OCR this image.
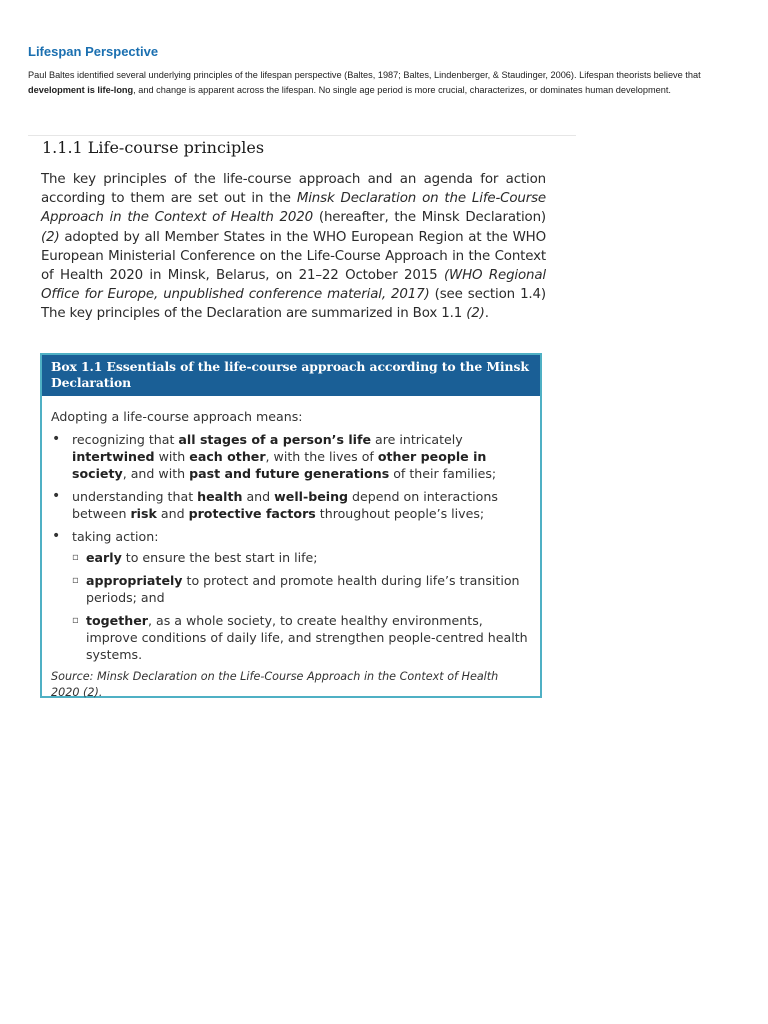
Lifespan Perspective
Paul Baltes identified several underlying principles of the lifespan perspective (Baltes, 1987; Baltes, Lindenberger, & Staudinger, 2006). Lifespan theorists believe that development is life-long, and change is apparent across the lifespan. No single age period is more crucial, characterizes, or dominates human development.
1.1.1 Life-course principles
The key principles of the life-course approach and an agenda for action according to them are set out in the Minsk Declaration on the Life-Course Approach in the Context of Health 2020 (hereafter, the Minsk Declaration) (2) adopted by all Member States in the WHO European Region at the WHO European Ministerial Conference on the Life-Course Approach in the Context of Health 2020 in Minsk, Belarus, on 21–22 October 2015 (WHO Regional Office for Europe, unpublished conference material, 2017) (see section 1.4) The key principles of the Declaration are summarized in Box 1.1 (2).
Box 1.1 Essentials of the life-course approach according to the Minsk Declaration

Adopting a life-course approach means:

• recognizing that all stages of a person’s life are intricately intertwined with each other, with the lives of other people in society, and with past and future generations of their families;
• understanding that health and well-being depend on interactions between risk and protective factors throughout people’s lives;
• taking action:
▫ early to ensure the best start in life;
▫ appropriately to protect and promote health during life’s transition periods; and
▫ together, as a whole society, to create healthy environments, improve conditions of daily life, and strengthen people-centred health systems.
Source: Minsk Declaration on the Life-Course Approach in the Context of Health 2020 (2).
